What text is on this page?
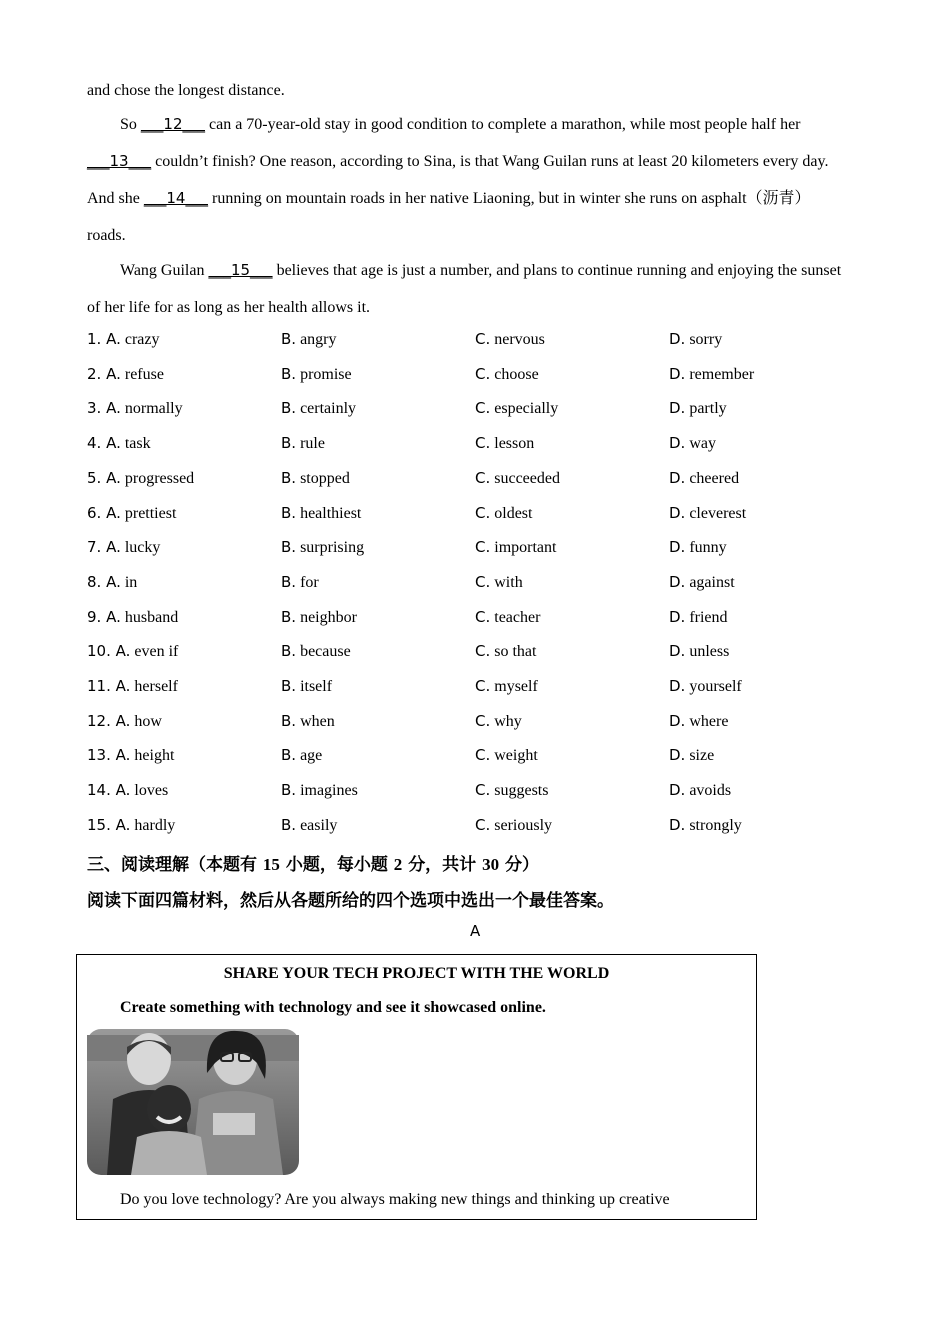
and chose the longest distance.

So ___12___ can a 70-year-old stay in good condition to complete a marathon, while most people half her ___13___ couldn’t finish? One reason, according to Sina, is that Wang Guilan runs at least 20 kilometers every day. And she ___14___ running on mountain roads in her native Liaoning, but in winter she runs on asphalt（沥青）roads.

Wang Guilan ___15___ believes that age is just a number, and plans to continue running and enjoying the sunset of her life for as long as her health allows it.

1. A. crazy	B. angry	C. nervous	D. sorry
2. A. refuse	B. promise	C. choose	D. remember
3. A. normally	B. certainly	C. especially	D. partly
4. A. task	B. rule	C. lesson	D. way
5. A. progressed	B. stopped	C. succeeded	D. cheered
6. A. prettiest	B. healthiest	C. oldest	D. cleverest
7. A. lucky	B. surprising	C. important	D. funny
8. A. in	B. for	C. with	D. against
9. A. husband	B. neighbor	C. teacher	D. friend
10. A. even if	B. because	C. so that	D. unless
11. A. herself	B. itself	C. myself	D. yourself
12. A. how	B. when	C. why	D. where
13. A. height	B. age	C. weight	D. size
14. A. loves	B. imagines	C. suggests	D. avoids
15. A. hardly	B. easily	C. seriously	D. strongly
三、阅读理解（本题有 15 小题，每小题 2 分，共计 30 分）
阅读下面四篇材料，然后从各题所给的四个选项中选出一个最佳答案。
A
SHARE YOUR TECH PROJECT WITH THE WORLD
Create something with technology and see it showcased online.
Do you love technology? Are you always making new things and thinking up creative
